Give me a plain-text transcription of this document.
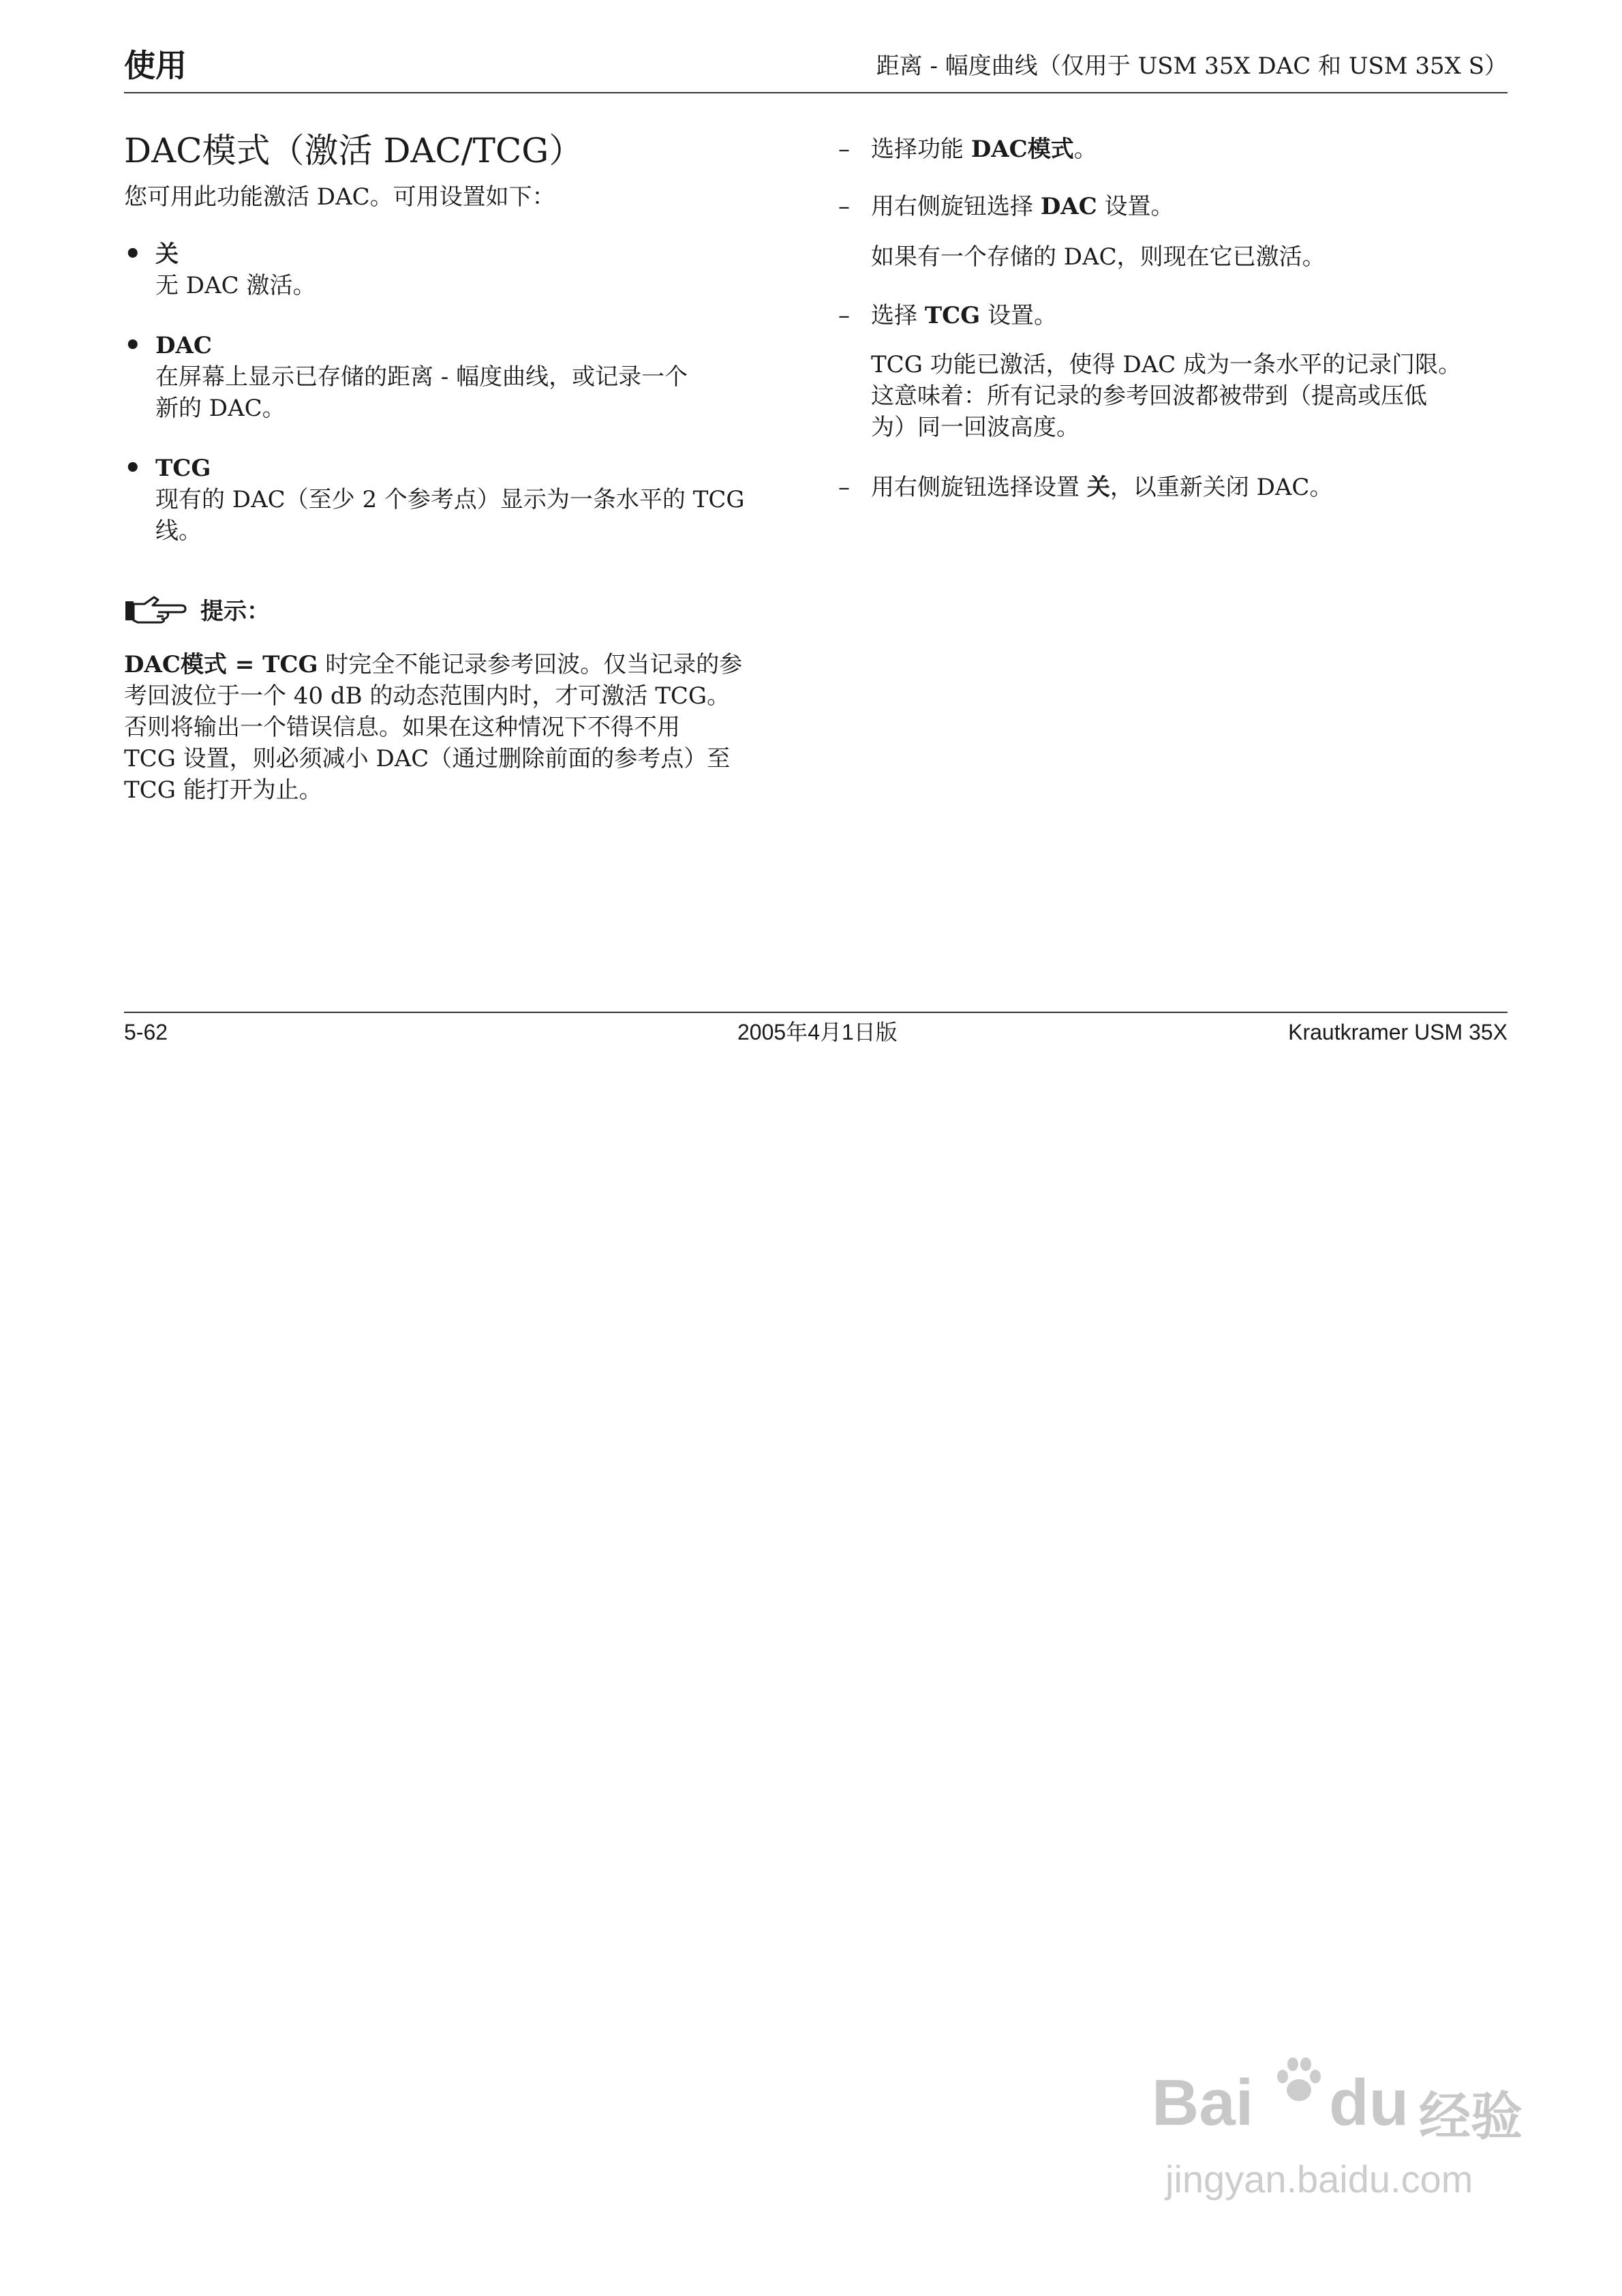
使用	距离 - 幅度曲线（仅用于 USM 35X DAC 和 USM 35X S）
DAC模式（激活 DAC/TCG）
您可用此功能激活 DAC。可用设置如下：
• 关
无 DAC 激活。
• DAC
在屏幕上显示已存储的距离 - 幅度曲线，或记录一个
新的 DAC。
• TCG
现有的 DAC（至少 2 个参考点）显示为一条水平的 TCG
线。
提示：
DAC模式 = TCG 时完全不能记录参考回波。仅当记录的参
考回波位于一个 40 dB 的动态范围内时，才可激活 TCG。
否则将输出一个错误信息。如果在这种情况下不得不用
TCG 设置，则必须减小 DAC（通过删除前面的参考点）至
TCG 能打开为止。
– 选择功能 DAC模式。
– 用右侧旋钮选择 DAC 设置。
如果有一个存储的 DAC，则现在它已激活。
– 选择 TCG 设置。
TCG 功能已激活，使得 DAC 成为一条水平的记录门限。
这意味着：所有记录的参考回波都被带到（提高或压低
为）同一回波高度。
– 用右侧旋钮选择设置 关，以重新关闭 DAC。
5-62	2005年4月1日版	Krautkramer USM 35X
Bai du 经验
jingyan.baidu.com
